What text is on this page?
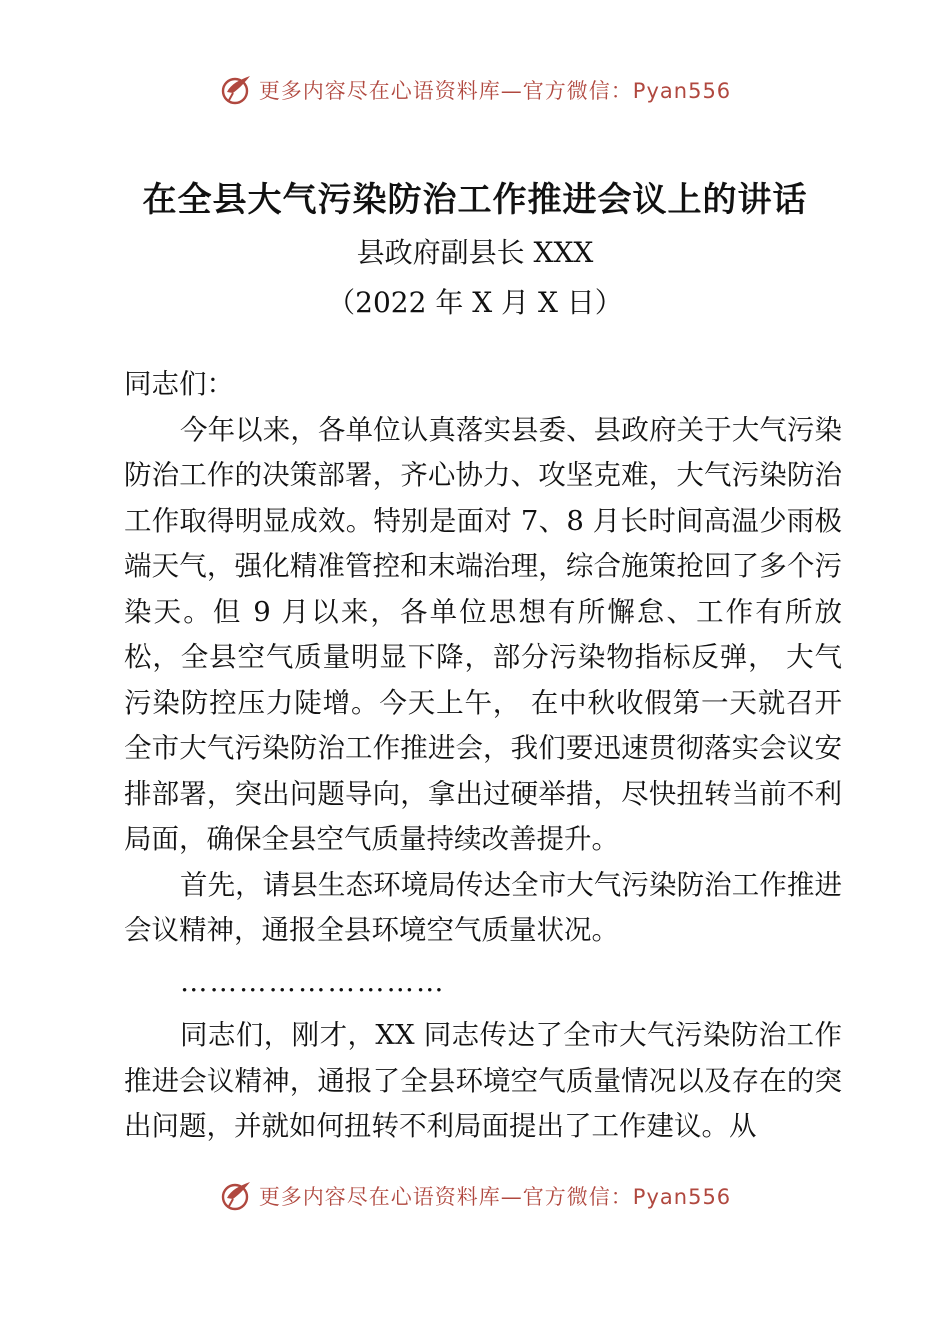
更多内容尽在心语资料库—官方微信：Pyan556
在全县大气污染防治工作推进会议上的讲话
县政府副县长 XXX
（2022 年 X 月 X 日）

同志们：

今年以来，各单位认真落实县委、县政府关于大气污染防治工作的决策部署，齐心协力、攻坚克难，大气污染防治工作取得明显成效。特别是面对 7、8 月长时间高温少雨极端天气，强化精准管控和末端治理，综合施策抢回了多个污染天。但 9 月以来，各单位思想有所懈怠、工作有所放松，全县空气质量明显下降，部分污染物指标反弹， 大气污染防控压力陡增。今天上午， 在中秋收假第一天就召开全市大气污染防治工作推进会，我们要迅速贯彻落实会议安排部署，突出问题导向，拿出过硬举措，尽快扭转当前不利局面，确保全县空气质量持续改善提升。

首先，请县生态环境局传达全市大气污染防治工作推进会议精神，通报全县环境空气质量状况。

………………………

同志们，刚才，XX 同志传达了全市大气污染防治工作推进会议精神，通报了全县环境空气质量情况以及存在的突出问题，并就如何扭转不利局面提出了工作建议。从

更多内容尽在心语资料库—官方微信：Pyan556
